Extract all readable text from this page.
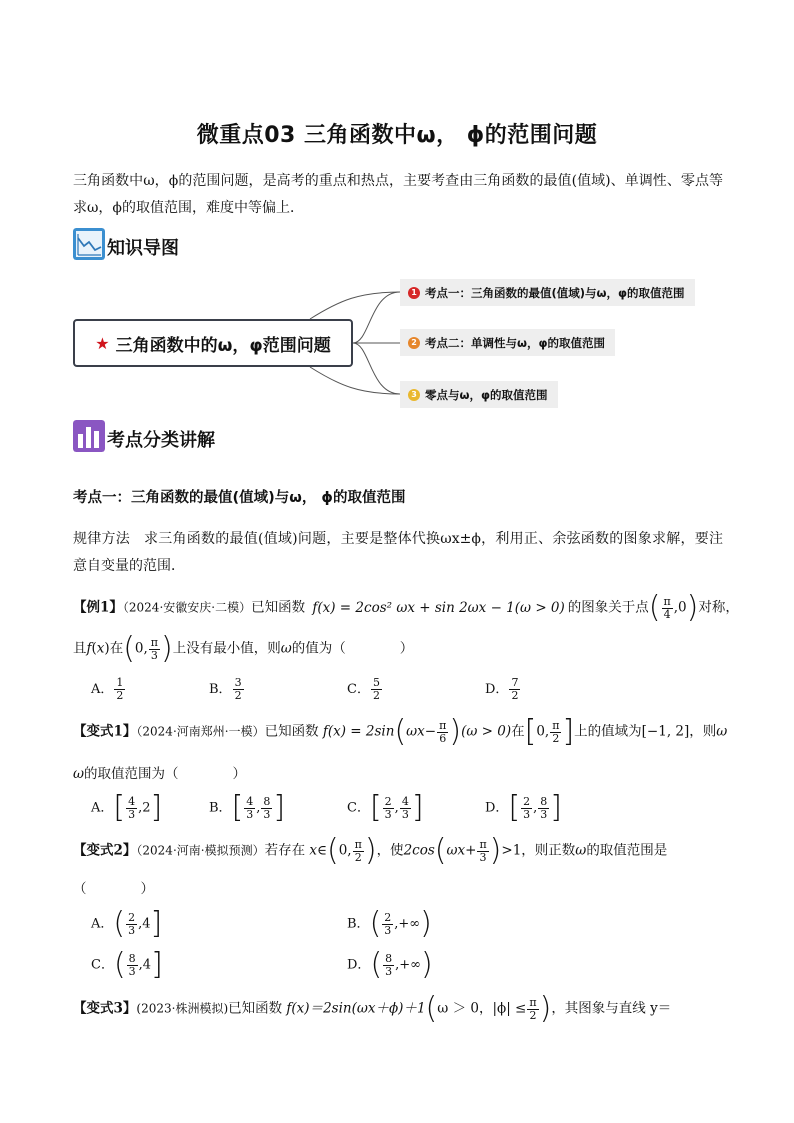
微重点03 三角函数中ω， ϕ的范围问题
三角函数中ω，ϕ的范围问题，是高考的重点和热点，主要考查由三角函数的最值(值域)、单调性、零点等求ω，ϕ的取值范围，难度中等偏上．
知识导图
★ 三角函数中的ω，φ范围问题
1 考点一：三角函数的最值(值域)与ω，φ的取值范围
2 考点二：单调性与ω，φ的取值范围
3 零点与ω，φ的取值范围
考点分类讲解
考点一：三角函数的最值(值域)与ω， ϕ的取值范围
规律方法 求三角函数的最值(值域)问题，主要是整体代换ωx±ϕ，利用正、余弦函数的图象求解，要注意自变量的范围．
【例1】（2024·安徽安庆·二模）已知函数 f(x) = 2cos² ωx + sin 2ωx − 1(ω > 0) 的图象关于点( $\frac{\pi}{4} ,0$)对称，
且f(x)在(0, $\frac{\pi}{3}$ )上没有最小值，则ω的值为（　　　　）
A． $\frac{1}{2}$	B． $\frac{3}{2}$	C． $\frac{5}{2}$	D． $\frac{7}{2}$
【变式1】（2024·河南郑州·一模）已知函数 $f(x) = 2\sin(\omega x- \frac{\pi}{6} )(\omega > 0)$在[0, $\frac{\pi}{2}$ ]上的值域为[−1, 2]，则ω
ω的取值范围为（　　　　）
A．[ $\frac{4}{3} ,2$]	B．[ $\frac{4}{3}$ , $\frac{8}{3}$ ]	C．[ $\frac{2}{3}$ , $\frac{4}{3}$ ]	D．[ $\frac{2}{3}$ , $\frac{8}{3}$ ]
【变式2】（2024·河南·模拟预测）若存在 x∈(0, $\frac{\pi}{2}$ )，使$2\cos(\omega x+ \frac{\pi}{3} )>1$，则正数ω的取值范围是
（　　　　）
A．( $\frac{2}{3} ,4$]	B．( $\frac{2}{3}$ ,+∞)
C．( $\frac{8}{3} ,4$]	D．( $\frac{8}{3}$ ,+∞)
【变式3】(2023·株洲模拟)已知函数 f(x)＝2sin(ωx＋ϕ)＋1(ω ＞ 0，$|\phi| \le \frac{\pi}{2}$ )，其图象与直线 y＝
